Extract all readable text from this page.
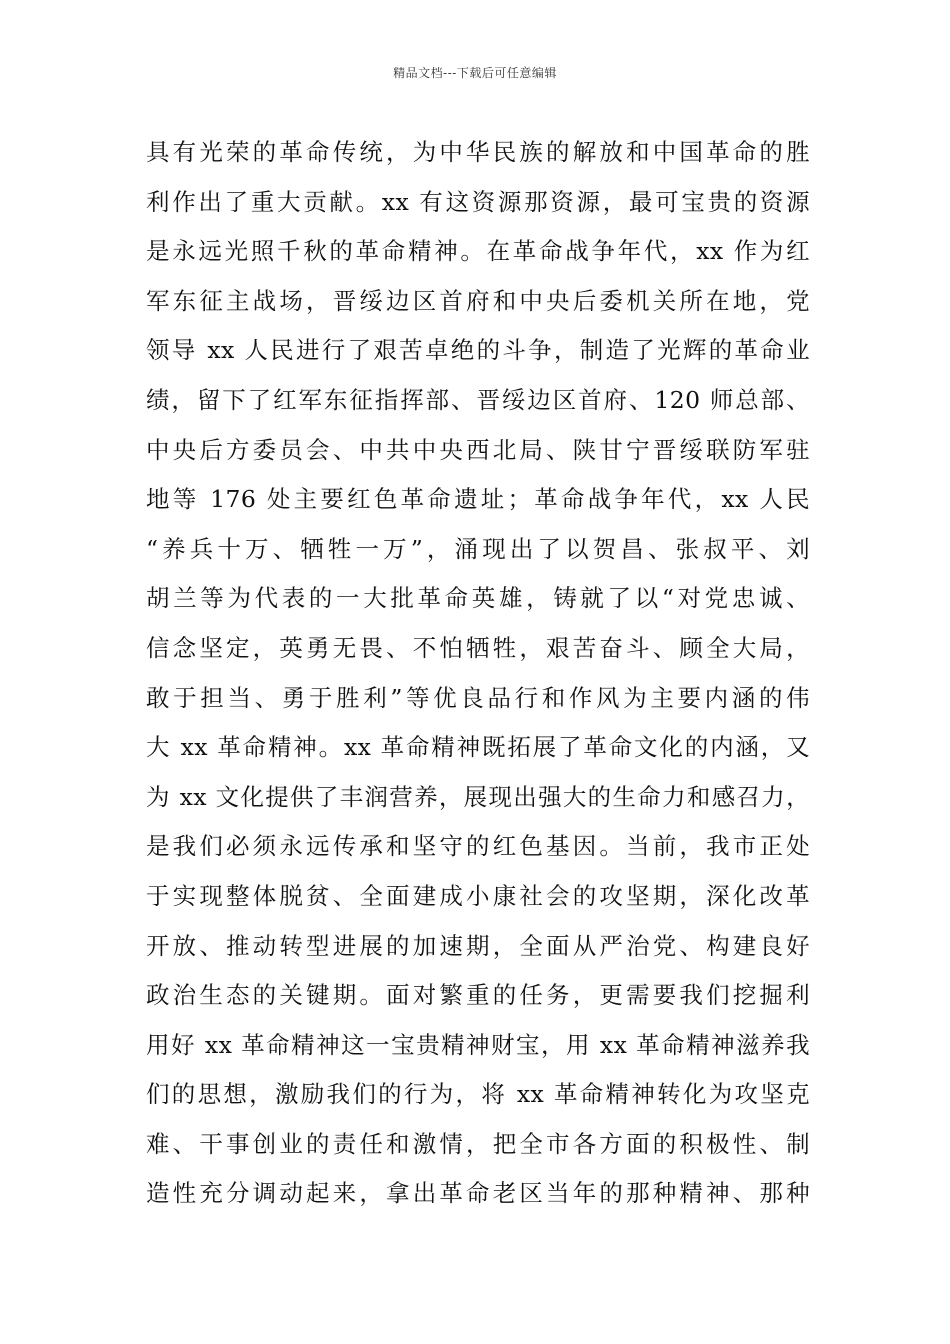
精品文档---下载后可任意编辑
具有光荣的革命传统，为中华民族的解放和中国革命的胜
利作出了重大贡献。xx 有这资源那资源，最可宝贵的资源
是永远光照千秋的革命精神。在革命战争年代，xx 作为红
军东征主战场，晋绥边区首府和中央后委机关所在地，党
领导 xx 人民进行了艰苦卓绝的斗争，制造了光辉的革命业
绩，留下了红军东征指挥部、晋绥边区首府、120 师总部、
中央后方委员会、中共中央西北局、陕甘宁晋绥联防军驻
地等 176 处主要红色革命遗址；革命战争年代，xx 人民
“养兵十万、牺牲一万”，涌现出了以贺昌、张叔平、刘
胡兰等为代表的一大批革命英雄，铸就了以“对党忠诚、
信念坚定，英勇无畏、不怕牺牲，艰苦奋斗、顾全大局，
敢于担当、勇于胜利”等优良品行和作风为主要内涵的伟
大 xx 革命精神。xx 革命精神既拓展了革命文化的内涵，又
为 xx 文化提供了丰润营养，展现出强大的生命力和感召力，
是我们必须永远传承和坚守的红色基因。当前，我市正处
于实现整体脱贫、全面建成小康社会的攻坚期，深化改革
开放、推动转型进展的加速期，全面从严治党、构建良好
政治生态的关键期。面对繁重的任务，更需要我们挖掘利
用好 xx 革命精神这一宝贵精神财宝，用 xx 革命精神滋养我
们的思想，激励我们的行为，将 xx 革命精神转化为攻坚克
难、干事创业的责任和激情，把全市各方面的积极性、制
造性充分调动起来，拿出革命老区当年的那种精神、那种
